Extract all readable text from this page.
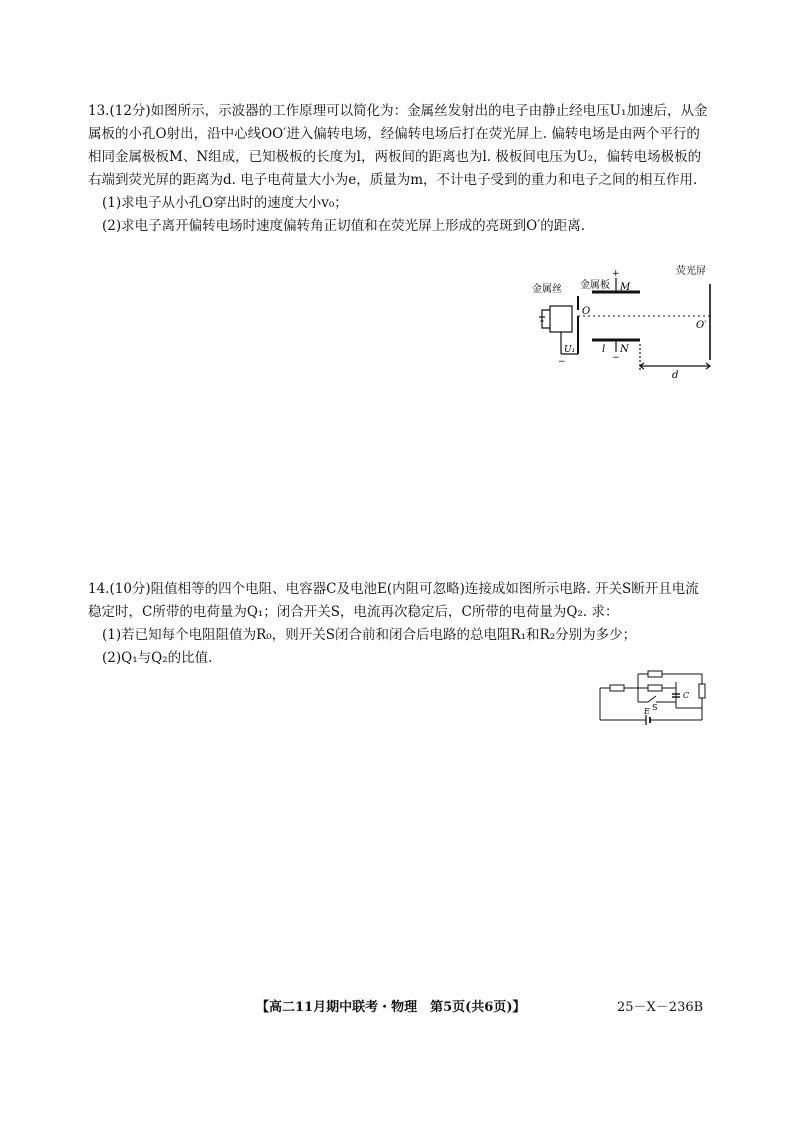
13.(12分)如图所示，示波器的工作原理可以简化为：金属丝发射出的电子由静止经电压U₁加速后，从金属板的小孔O射出，沿中心线OO′进入偏转电场，经偏转电场后打在荧光屏上. 偏转电场是由两个平行的相同金属极板M、N组成，已知极板的长度为l，两板间的距离也为l. 极板间电压为U₂，偏转电场极板的右端到荧光屏的距离为d. 电子电荷量大小为e，质量为m，不计电子受到的重力和电子之间的相互作用.
(1)求电子从小孔O穿出时的速度大小v₀；
(2)求电子离开偏转电场时速度偏转角正切值和在荧光屏上形成的亮斑到O′的距离.

金属丝 金属板
荧光屏
+
M
N
−
O
O′
U₁
−
l
d

14.(10分)阻值相等的四个电阻、电容器C及电池E(内阻可忽略)连接成如图所示电路. 开关S断开且电流稳定时，C所带的电荷量为Q₁；闭合开关S，电流再次稳定后，C所带的电荷量为Q₂. 求：
(1)若已知每个电阻阻值为R₀，则开关S闭合前和闭合后电路的总电阻R₁和R₂分别为多少；
(2)Q₁与Q₂的比值.

S
C
E
【高二11月期中联考・物理　第5页(共6页)】	25－X－236B
